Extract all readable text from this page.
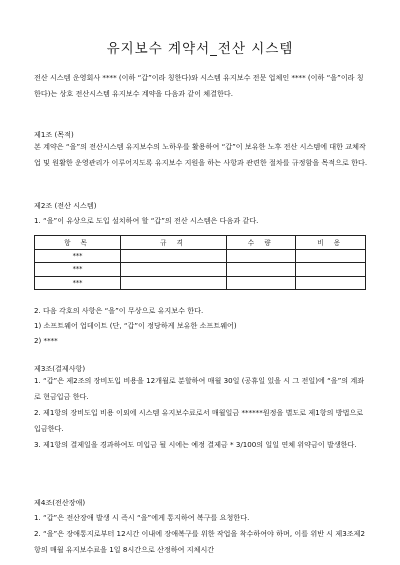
유지보수 계약서_전산 시스템
전산 시스템 운영회사 **** (이하 “갑”이라 칭한다)와 시스템 유지보수 전문 업체인 **** (이하 “을”이라 칭한다)는 상호 전산시스템 유지보수 계약을 다음과 같이 체결한다.
제1조 (목적)
본 계약은 “을”의 전산시스템 유지보수의 노하우를 활용하여 “갑”이 보유한 노후 전산 시스템에 대한 교체작업 및 원활한 운영관리가 이루어지도록 유지보수 지원을 하는 사항과 관련한 절차를 규정함을 목적으로 한다.
제2조 (전산 시스템)
1. “을”이 유상으로 도입 설치하여 할 “갑”의 전산 시스템은 다음과 같다.
항 목	규 격	수 량	비 용
***			
***			
***			
2. 다음 각호의 사항은 “을”이 무상으로 유지보수 한다.
1) 소프트웨어 업데이트 (단, “갑”이 정당하게 보유한 소프트웨어)
2) ****
제3조(결제사항)
1. “갑”은 제2조의 장비도입 비용을 12개월로 분할하여 매월 30일 (공휴일 있을 시 그 전일)에 “을”의 계좌로 현금입금 한다.
2. 제1항의 장비도입 비용 이외에 시스템 유지보수료로서 매월일금 ******원정을 별도로 제1항의 방법으로 입금한다.
3. 제1항의 결제일을 경과하여도 미입금 될 시에는 예정 결제금 * 3/100의 일일 연체 위약금이 발생한다.
제4조(전산장애)
1. “갑”은 전산장애 발생 시 즉시 “을”에게 통지하여 복구를 요청한다.
2. “을”은 장애통지로부터 12시간 이내에 장애복구를 위한 작업을 착수하여야 하며, 이를 위반 시 제3조제2항의 매월 유지보수료을 1일 8시간으로 산정하여 지체시간
